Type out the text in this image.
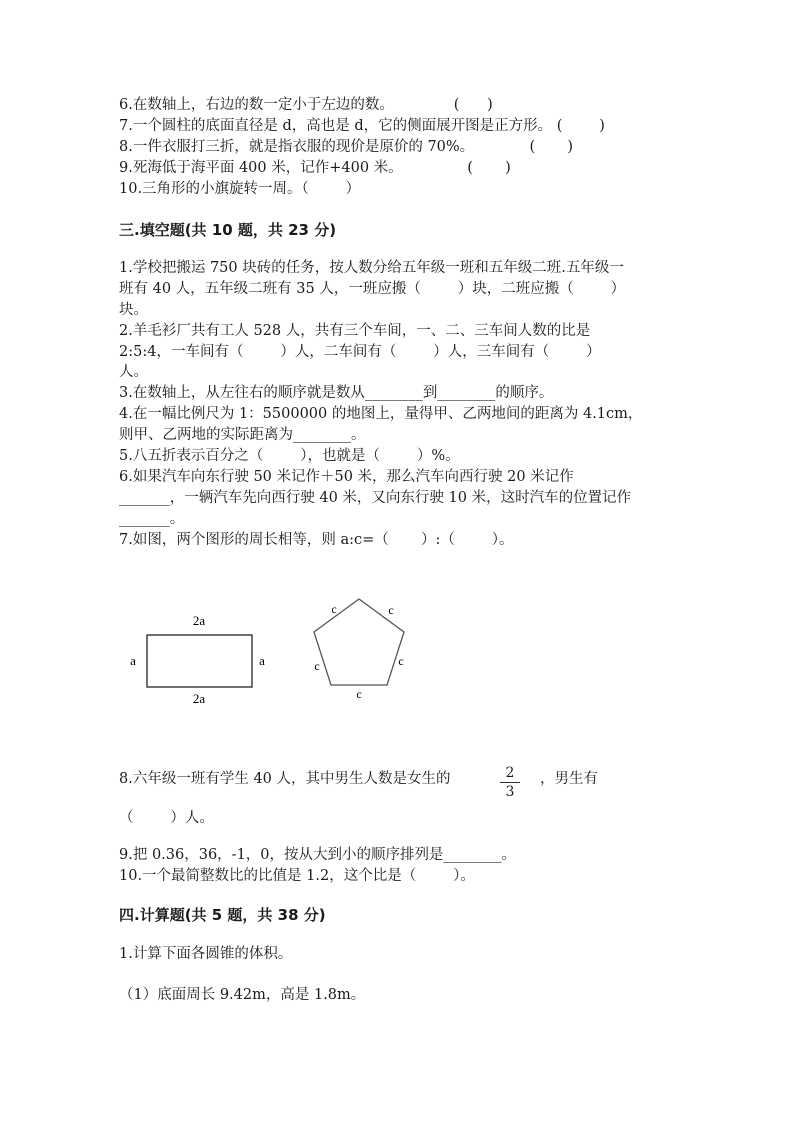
6.在数轴上，右边的数一定小于左边的数。             (      )
7.一个圆柱的底面直径是 d，高也是 d，它的侧面展开图是正方形。 (        )
8.一件衣服打三折，就是指衣服的现价是原价的 70%。            (       )
9.死海低于海平面 400 米，记作+400 米。              (       )
10.三角形的小旗旋转一周。（        ）
三.填空题(共 10 题，共 23 分)
1.学校把搬运 750 块砖的任务，按人数分给五年级一班和五年级二班.五年级一
班有 40 人，五年级二班有 35 人，一班应搬（        ）块，二班应搬（        ）
块。
2.羊毛衫厂共有工人 528 人，共有三个车间，一、二、三车间人数的比是
2:5:4，一车间有（        ）人，二车间有（        ）人，三车间有（        ）
人。
3.在数轴上，从左往右的顺序就是数从________到________的顺序。
4.在一幅比例尺为 1：5500000 的地图上，量得甲、乙两地间的距离为 4.1cm，
则甲、乙两地的实际距离为________。
5.八五折表示百分之（        ），也就是（        ）%。
6.如果汽车向东行驶 50 米记作＋50 米，那么汽车向西行驶 20 米记作
_______，一辆汽车先向西行驶 40 米，又向东行驶 10 米，这时汽车的位置记作
_______。
7.如图，两个图形的周长相等，则 a:c=（       ）:（        ）。
2a
2a
a	a
c	c
c	c
c
8.六年级一班有学生 40 人，其中男生人数是女生的	2
3
，男生有
（        ）人。
9.把 0.36，36，-1，0，按从大到小的顺序排列是________。
10.一个最简整数比的比值是 1.2，这个比是（        ）。
四.计算题(共 5 题，共 38 分)
1.计算下面各圆锥的体积。
（1）底面周长 9.42m，高是 1.8m。
